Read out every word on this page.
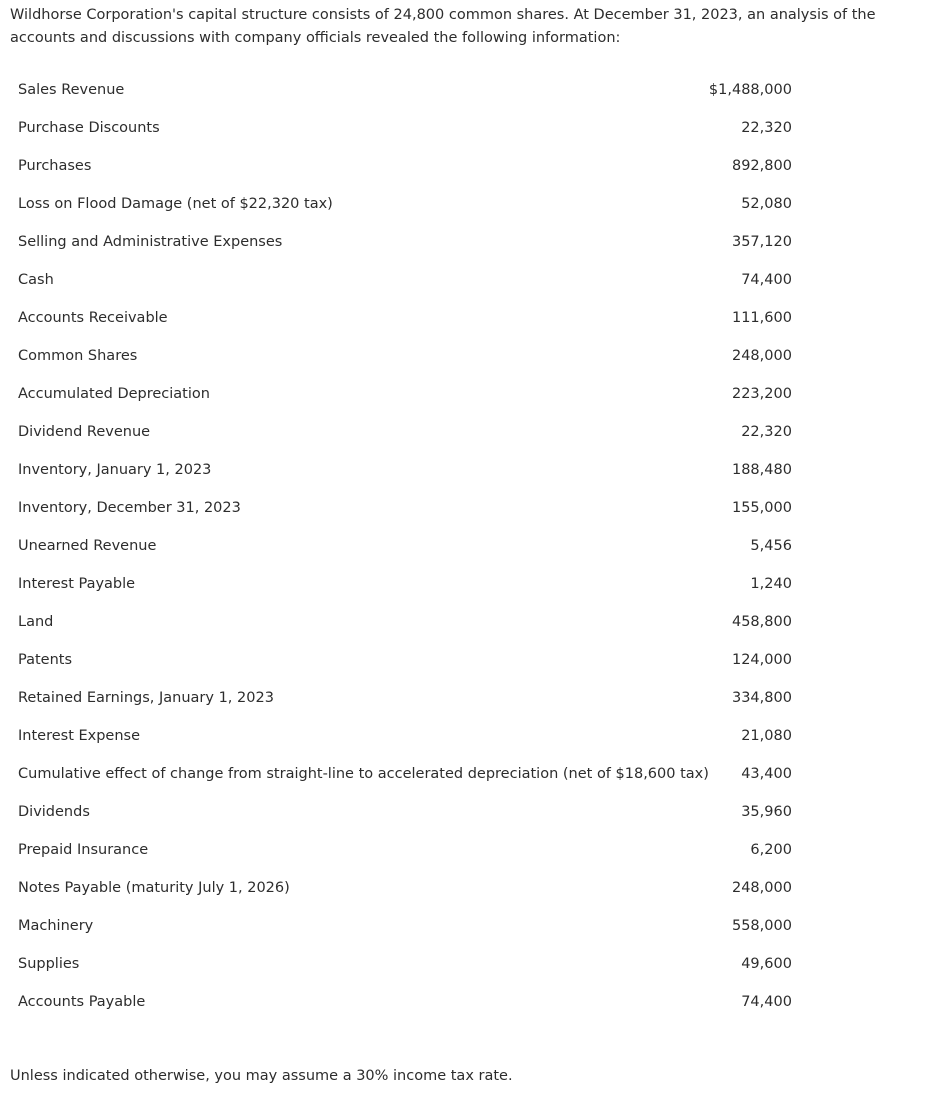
Wildhorse Corporation's capital structure consists of 24,800 common shares. At December 31, 2023, an analysis of the accounts and discussions with company officials revealed the following information:

Sales Revenue	$1,488,000
Purchase Discounts	22,320
Purchases	892,800
Loss on Flood Damage (net of $22,320 tax)	52,080
Selling and Administrative Expenses	357,120
Cash	74,400
Accounts Receivable	111,600
Common Shares	248,000
Accumulated Depreciation	223,200
Dividend Revenue	22,320
Inventory, January 1, 2023	188,480
Inventory, December 31, 2023	155,000
Unearned Revenue	5,456
Interest Payable	1,240
Land	458,800
Patents	124,000
Retained Earnings, January 1, 2023	334,800
Interest Expense	21,080
Cumulative effect of change from straight-line to accelerated depreciation (net of $18,600 tax)	43,400
Dividends	35,960
Prepaid Insurance	6,200
Notes Payable (maturity July 1, 2026)	248,000
Machinery	558,000
Supplies	49,600
Accounts Payable	74,400

Unless indicated otherwise, you may assume a 30% income tax rate.
